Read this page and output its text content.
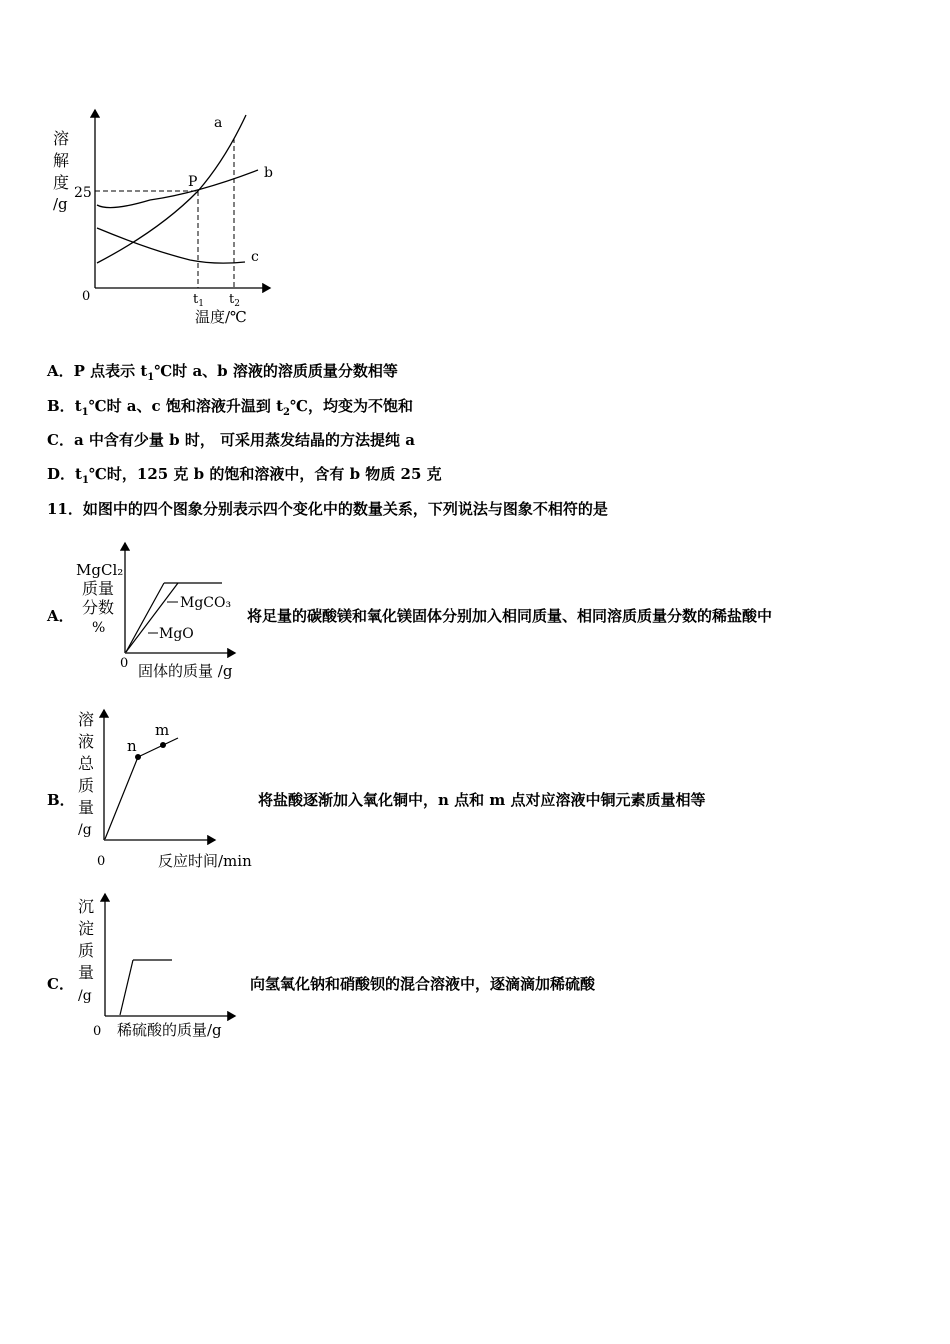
溶
解
度
/g
25
0
P
a
b
c
$t_1$ $t_2$
温度/℃
A．P 点表示 $t_1℃$时 a、b 溶液的溶质质量分数相等
B．$t_1℃$时 a、c 饱和溶液升温到 $t_2℃$，均变为不饱和
C．a 中含有少量 b 时， 可采用蒸发结晶的方法提纯 a
D．$t_1℃$时，125 克 b 的饱和溶液中，含有 b 物质 25 克
11．如图中的四个图象分别表示四个变化中的数量关系，下列说法与图象不相符的是
A．
MgCl₂
质量
分数
%
MgCO₃
MgO
0 固体的质量 /g
将足量的碳酸镁和氧化镁固体分别加入相同质量、相同溶质质量分数的稀盐酸中
B．
溶
液
总
质
量
/g
n
m
0	反应时间/min
将盐酸逐渐加入氧化铜中，n 点和 m 点对应溶液中铜元素质量相等
C．
沉
淀
质
量
/g
0 稀硫酸的质量/g
向氢氧化钠和硝酸钡的混合溶液中，逐滴滴加稀硫酸
